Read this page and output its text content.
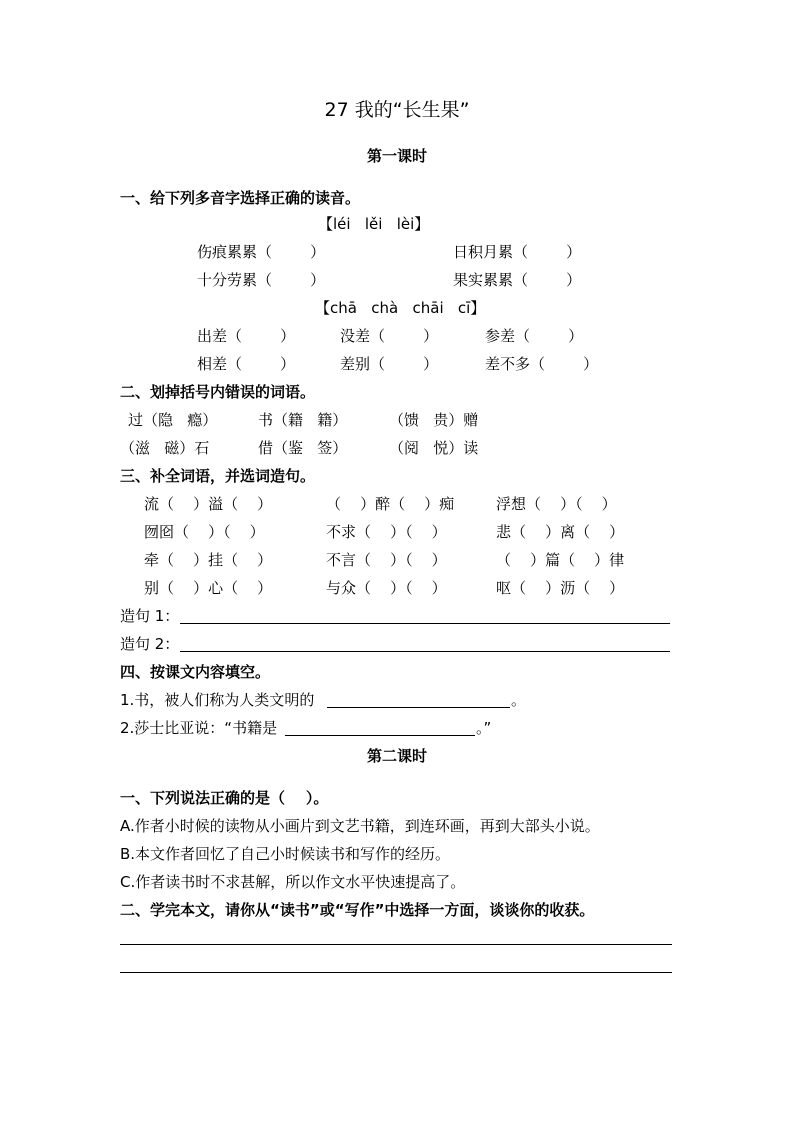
27 我的“长生果”
第一课时
一、给下列多音字选择正确的读音。
【léi   lěi   lèi】
伤痕累累（        ）	日积月累（        ）
十分劳累（        ）	果实累累（        ）
【chā   chà   chāi   cī】
出差（        ）	没差（        ）	参差（        ）
相差（        ）	差别（        ）	差不多（        ）
二、划掉括号内错误的词语。
过（隐   瘾）	书（籍   籍）	（馈   贵）赠
（滋   磁）石	借（鉴   签）	（阅   悦）读
三、补全词语，并选词造句。
流（    ）溢（    ）	（    ）醉（    ）痴	浮想（    ）（    ）
囫囵（    ）（    ）	不求（    ）（    ）	悲（    ）离（    ）
牵（    ）挂（    ）	不言（    ）（    ）	（    ）篇（    ）律
别（    ）心（    ）	与众（    ）（    ）	呕（    ）沥（    ）
造句 1：
造句 2：
四、按课文内容填空。
1.书，被人们称为人类文明的	。
2.莎士比亚说：“书籍是	。”
第二课时
一、下列说法正确的是（    ）。
A.作者小时候的读物从小画片到文艺书籍，到连环画，再到大部头小说。
B.本文作者回忆了自己小时候读书和写作的经历。
C.作者读书时不求甚解，所以作文水平快速提高了。
二、学完本文，请你从“读书”或“写作”中选择一方面，谈谈你的收获。
